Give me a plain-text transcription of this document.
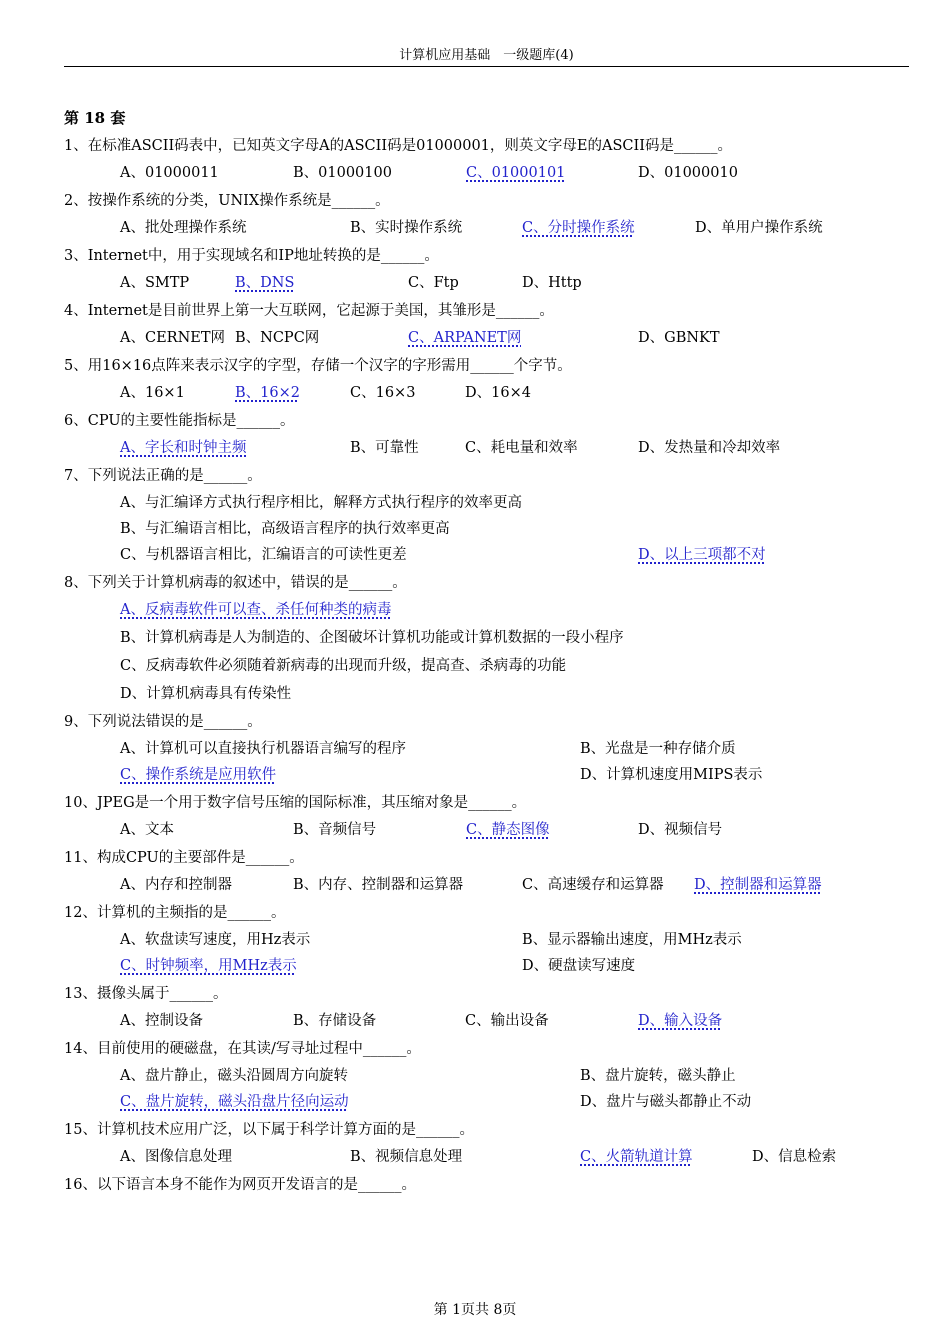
计算机应用基础　一级题库(4)
第 18 套
1、在标准ASCII码表中，已知英文字母A的ASCII码是01000001，则英文字母E的ASCII码是______。
A、01000011	B、01000100	C、01000101	D、01000010
2、按操作系统的分类，UNIX操作系统是______。
A、批处理操作系统	B、实时操作系统	C、分时操作系统	D、单用户操作系统
3、Internet中，用于实现域名和IP地址转换的是______。
A、SMTP	B、DNS	C、Ftp	D、Http
4、Internet是目前世界上第一大互联网，它起源于美国，其雏形是______。
A、CERNET网 B、NCPC网	C、ARPANET网	D、GBNKT
5、用16×16点阵来表示汉字的字型，存储一个汉字的字形需用______个字节。
A、16×1	B、16×2	C、16×3	D、16×4
6、CPU的主要性能指标是______。
A、字长和时钟主频	B、可靠性	C、耗电量和效率	D、发热量和冷却效率
7、下列说法正确的是______。
A、与汇编译方式执行程序相比，解释方式执行程序的效率更高
B、与汇编语言相比，高级语言程序的执行效率更高
C、与机器语言相比，汇编语言的可读性更差	D、以上三项都不对
8、下列关于计算机病毒的叙述中，错误的是______。
A、反病毒软件可以查、杀任何种类的病毒
B、计算机病毒是人为制造的、企图破坏计算机功能或计算机数据的一段小程序
C、反病毒软件必须随着新病毒的出现而升级，提高查、杀病毒的功能
D、计算机病毒具有传染性
9、下列说法错误的是______。
A、计算机可以直接执行机器语言编写的程序	B、光盘是一种存储介质
C、操作系统是应用软件	D、计算机速度用MIPS表示
10、JPEG是一个用于数字信号压缩的国际标准，其压缩对象是______。
A、文本	B、音频信号	C、静态图像	D、视频信号
11、构成CPU的主要部件是______。
A、内存和控制器	B、内存、控制器和运算器	C、高速缓存和运算器 D、控制器和运算器
12、计算机的主频指的是______。
A、软盘读写速度，用Hz表示	B、显示器输出速度，用MHz表示
C、时钟频率，用MHz表示	D、硬盘读写速度
13、摄像头属于______。
A、控制设备	B、存储设备	C、输出设备	D、输入设备
14、目前使用的硬磁盘，在其读/写寻址过程中______。
A、盘片静止，磁头沿圆周方向旋转	B、盘片旋转，磁头静止
C、盘片旋转，磁头沿盘片径向运动	D、盘片与磁头都静止不动
15、计算机技术应用广泛，以下属于科学计算方面的是______。
A、图像信息处理	B、视频信息处理	C、火箭轨道计算	D、信息检索
16、以下语言本身不能作为网页开发语言的是______。
第 1页共 8页
